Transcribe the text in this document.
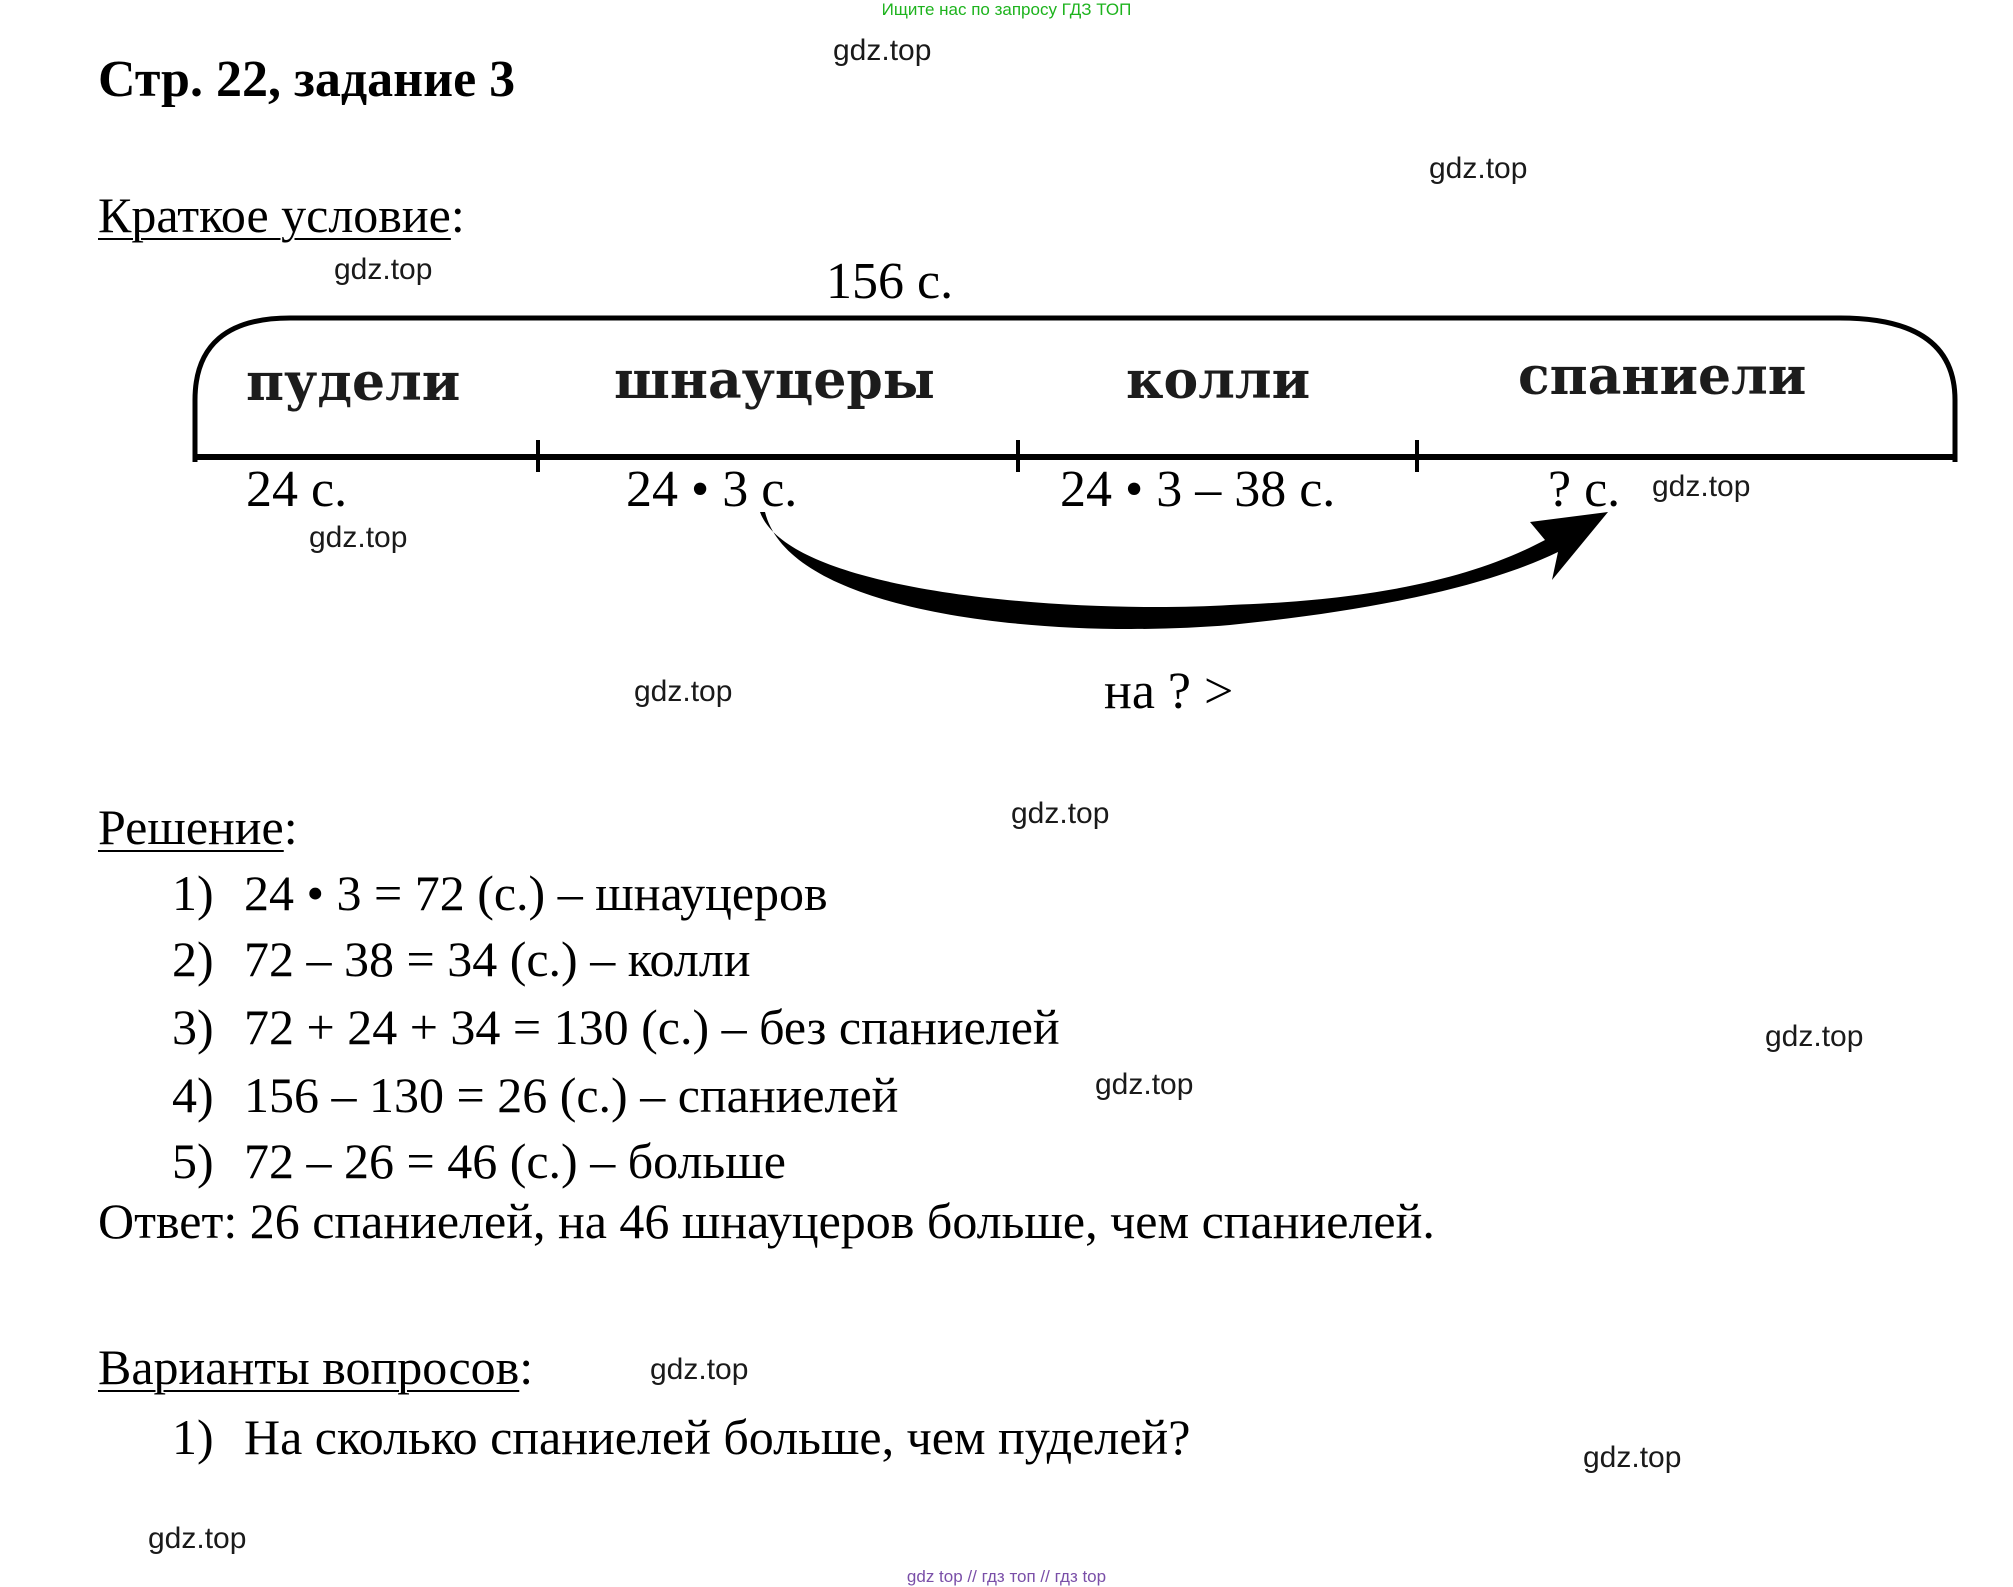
Ищите нас по запросу ГДЗ ТОП
gdz top // гдз топ // гдз top
Стр. 22, задание 3
Краткое условие:
156 с.
пудели	шнауцеры	колли	спаниели
24 с.	24 • 3 с.	24 • 3 – 38 с.	? с.
на ? >
Решение:
1) 24 • 3 = 72 (с.) – шнауцеров
2) 72 – 38 = 34 (с.) – колли
3) 72 + 24 + 34 = 130 (с.) – без спаниелей
4) 156 – 130 = 26 (с.) – спаниелей
5) 72 – 26 = 46 (с.) – больше
Ответ: 26 спаниелей, на 46 шнауцеров больше, чем спаниелей.
Варианты вопросов:
1) На сколько спаниелей больше, чем пуделей?
gdz.top
gdz.top
gdz.top
gdz.top
gdz.top
gdz.top
gdz.top
gdz.top
gdz.top
gdz.top
gdz.top
gdz.top
